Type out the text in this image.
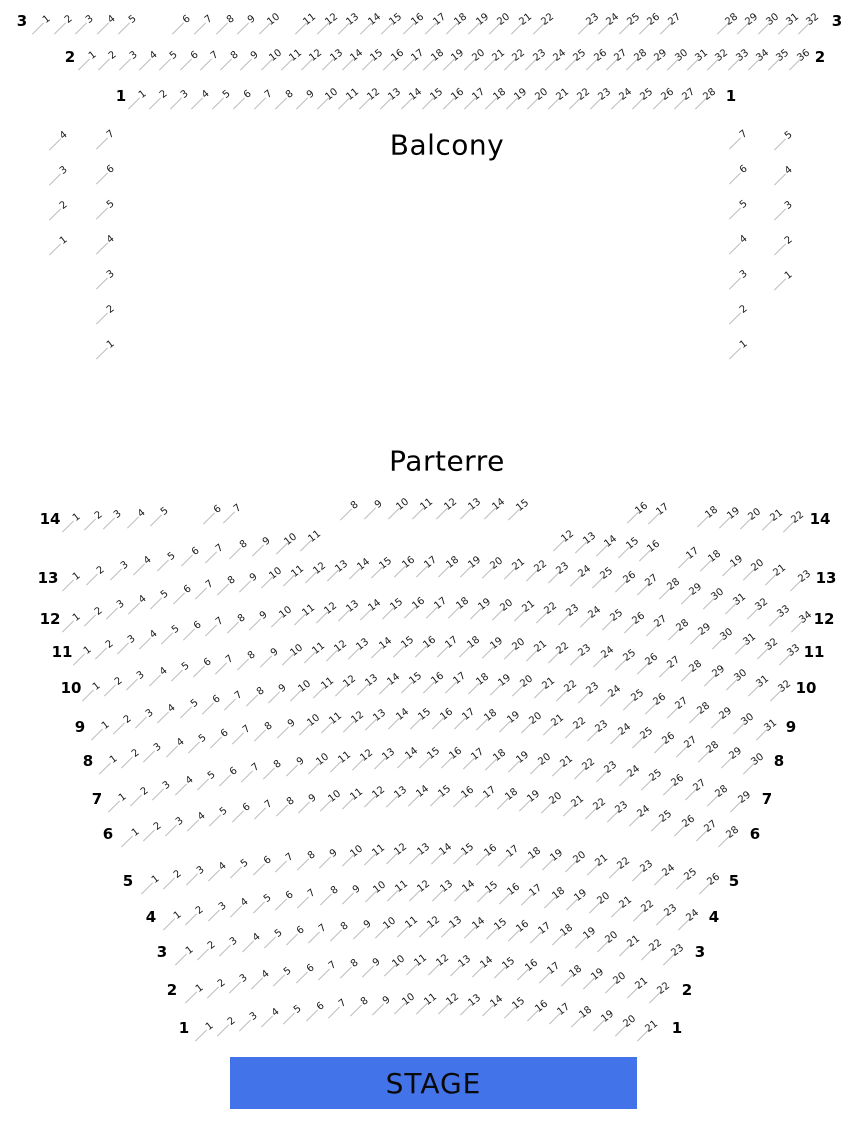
Balcony
Parterre
1 2 3 4 5	6	7	8	9 10	11 12 13 14 15 16 17 18 19 20 21 22	23 24 25 26 27	28 29 30 31 32
3	3
1 2 3 4 5 6 7 8 9 10 11 12 13 14 15 16 17 18 19 20 21 22 23 24 25 26 27 28 29 30 31 32 33 34 35 36
2	2
1 2 3 4 5 6 7 8 9 10 11 12 13 14 15 16 17 18 19 20 21 22 23 24 25 26 27 28
1	1
4
3
2
1
7
6
5
4
3
2
1
7
6
5
4
3
2
1
5
4
3
2
1
1	2 3	4	5	6 7	8	9 10 11 12 13 14 15	16 17	18 19 20 21 22
14	14
1	2	3	4	5	6	7	8	9 10 11	12 13 14 15 16	17 18 19 20 21 23
13	13
1
2	3	4	5	6	7	8	9 10 11 12 13 14 15 16 17 18 19 20 21 22 23 24 25 26 27 28 29 30 31 32 33 34
12	12
1	2	3	4	5	6	7	8	9 10 11 12 13 14 15 16 17 18 19 20 21 22 23 24 25 26 27 28 29 30 31 32 33
11	11
1	2	3	4	5	6	7	8	9 10 11 12 13 14 15 16 17 18 19 20 21 22 23 24 25 26 27 28 29 30 31 32
10	10
1	2	3	4	5	6	7	8	9 10 11 12 13 14 15 16 17 18 19 20 21 22 23 24 25 26 27 28 29 30 31
9	9
1	2	3	4	5	6	7	8	9 10 11 12 13 14 15 16 17 18 19 20 21 22 23 24 25 26 27 28 29 30
8	8
1	2	3	4	5	6	7	8	9 10 11 12 13 14 15 16 17 18 19 20 21 22 23 24 25 26 27 28 29
7	7
1	2	3	4	5	6	7	8	9 10 11 12 13 14 15 16 17 18 19 20 21 22 23 24 25 26 27 28
6	6
1	2	3	4	5	6	7	8	9 10 11 12 13 14 15 16 17 18 19 20 21 22 23 24 25 26
5	5
1	2	3	4	5	6	7	8	9 10 11 12 13 14 15 16 17 18 19 20 21 22 23 24
4	4
1	2	3	4	5	6	7	8	9 10 11 12 13 14 15 16 17 18 19 20 21 22 23
3	3
1	2	3	4	5	6	7	8	9 10 11 12 13 14 15 16 17 18 19 20 21 22
2	2
1	2	3	4	5	6	7	8	9 10 11 12 13 14 15 16 17 18 19 20 21
1	1
STAGE
